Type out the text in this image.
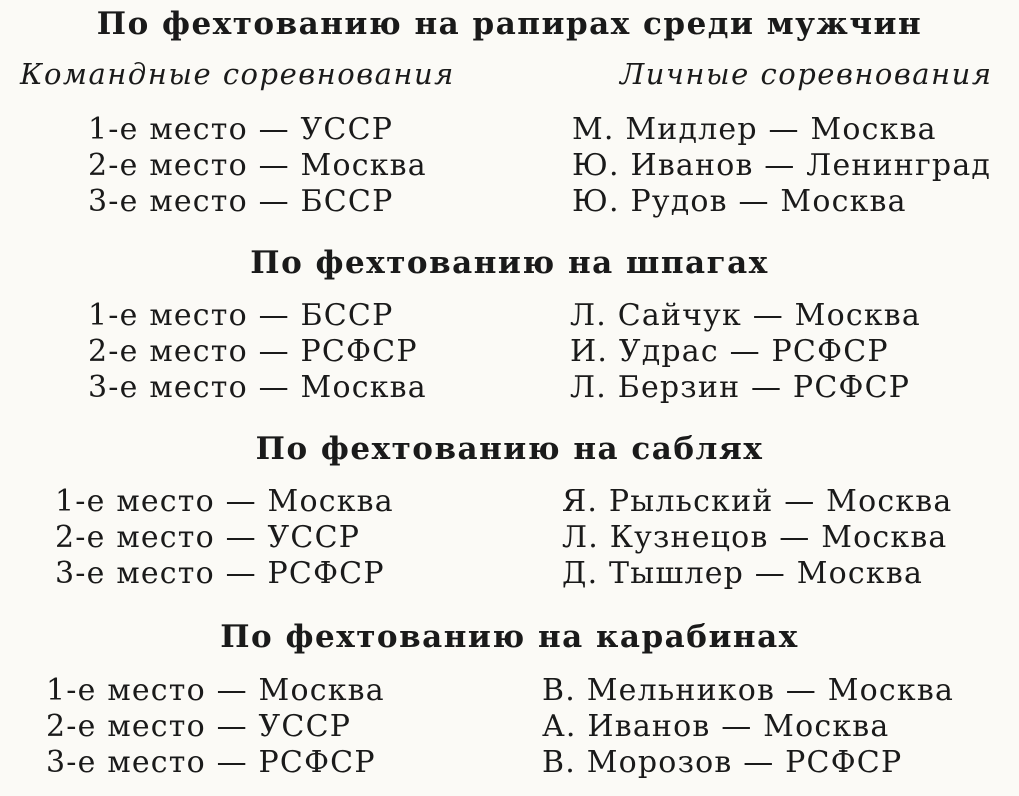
По фехтованию на рапирах среди мужчин
Командные соревнования	Личные соревнования
1-е место — УССР
2-е место — Москва
3-е место — БССР
М. Мидлер — Москва
Ю. Иванов — Ленинград
Ю. Рудов — Москва
По фехтованию на шпагах
1-е место — БССР
2-е место — РСФСР
3-е место — Москва
Л. Сайчук — Москва
И. Удрас — РСФСР
Л. Берзин — РСФСР
По фехтованию на саблях
1-е место — Москва
2-е место — УССР
3-е место — РСФСР
Я. Рыльский — Москва
Л. Кузнецов — Москва
Д. Тышлер — Москва
По фехтованию на карабинах
1-е место — Москва
2-е место — УССР
3-е место — РСФСР
В. Мельников — Москва
А. Иванов — Москва
В. Морозов — РСФСР
